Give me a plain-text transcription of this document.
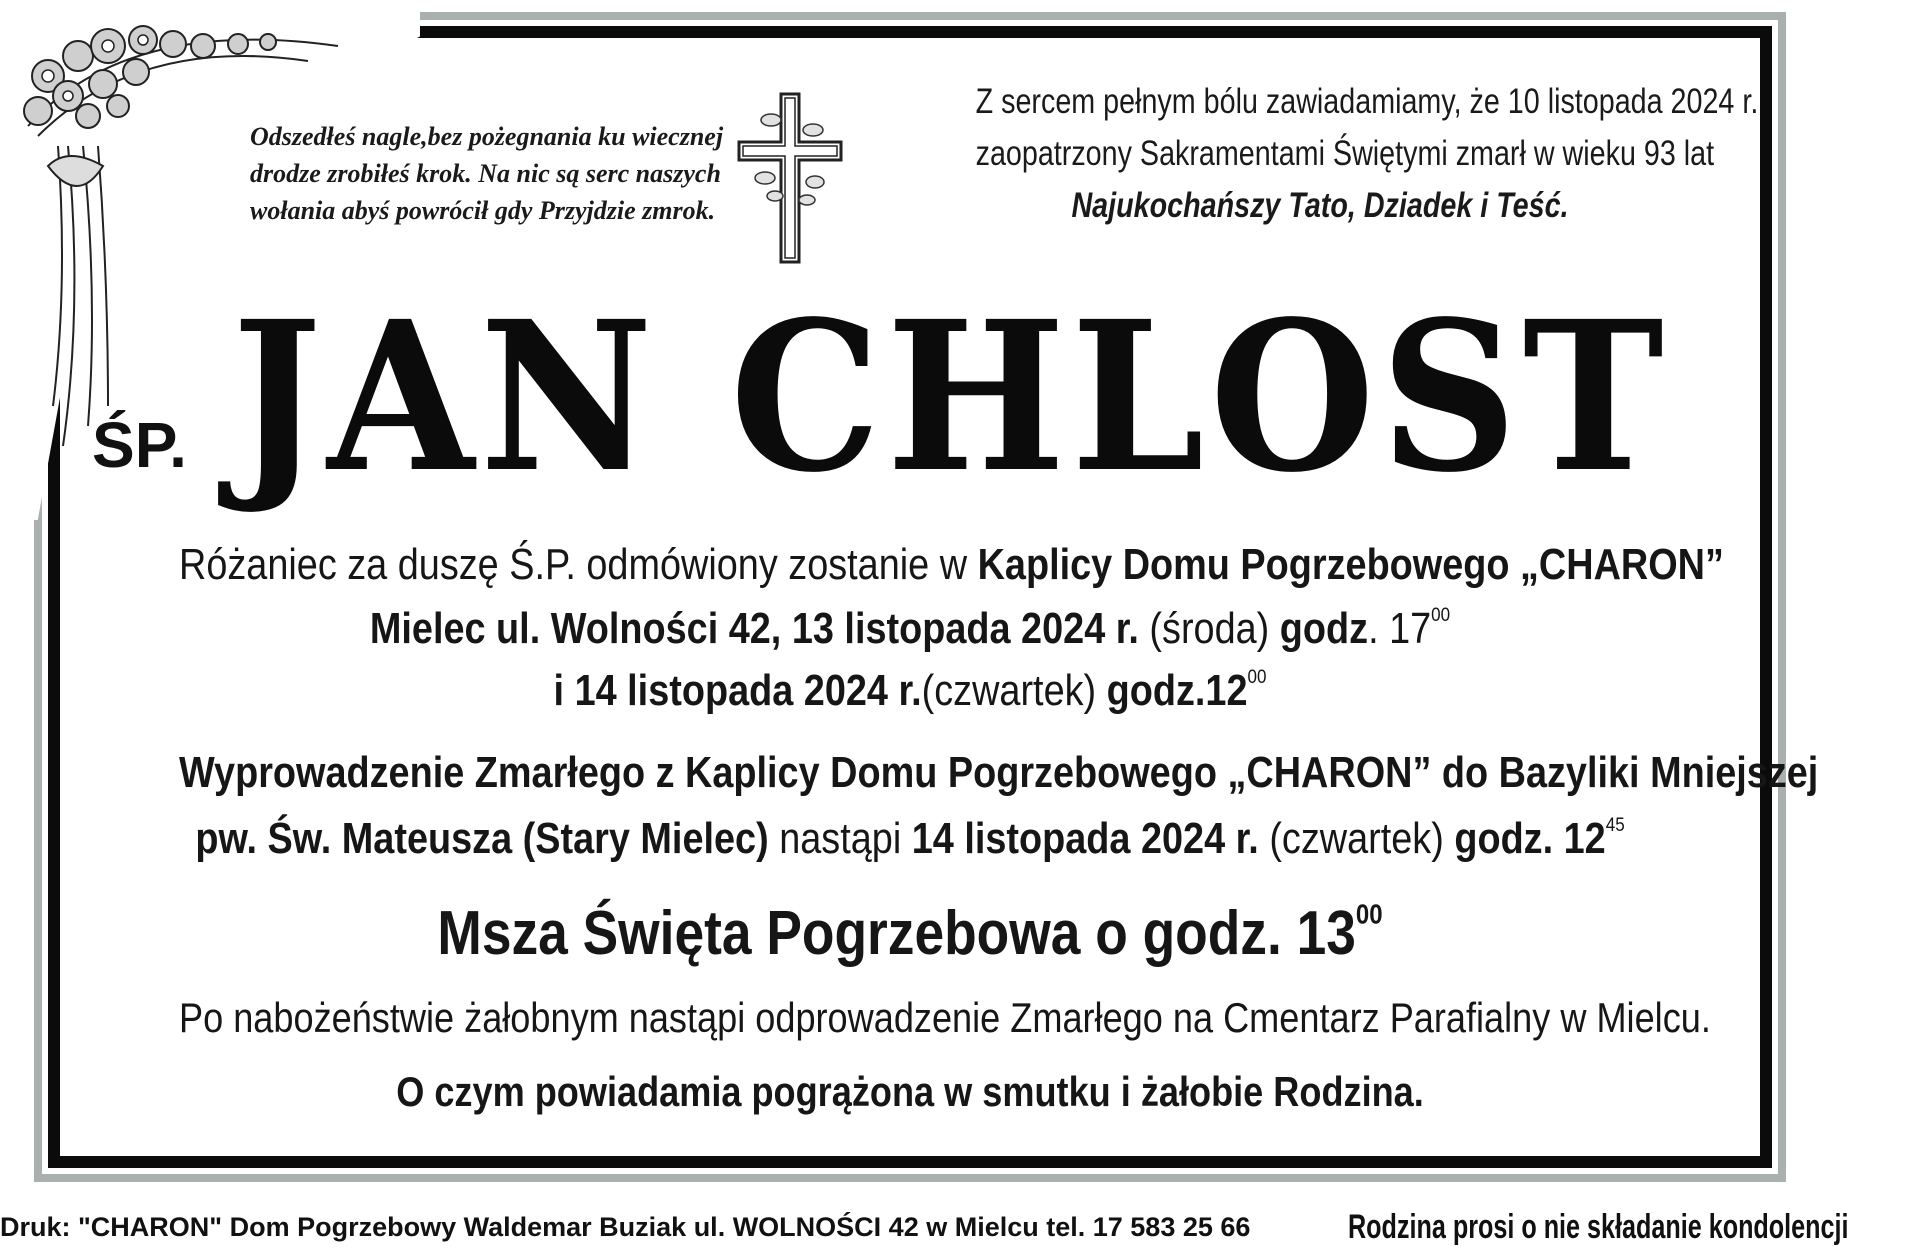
Odszedłeś nagle,bez pożegnania ku wiecznej
drodze zrobiłeś krok. Na nic są serc naszych
wołania abyś powrócił gdy Przyjdzie zmrok.
Z sercem pełnym bólu zawiadamiamy, że 10 listopada 2024 r.
zaopatrzony Sakramentami Świętymi zmarł w wieku 93 lat
Najukochańszy Tato, Dziadek i Teść.
ŚP. JAN CHLOST
Różaniec za duszę Ś.P. odmówiony zostanie w Kaplicy Domu Pogrzebowego „CHARON”
Mielec ul. Wolności 42, 13 listopada 2024 r. (środa) godz. $17^{00}$
i 14 listopada 2024 r.(czwartek) $godz.12^{00}$
Wyprowadzenie Zmarłego z Kaplicy Domu Pogrzebowego „CHARON” do Bazyliki Mniejszej
pw. Św. Mateusza (Stary Mielec) nastąpi 14 listopada 2024 r. (czwartek) godz. $12^{45}$
Msza Święta Pogrzebowa o godz. $13^{00}$
Po nabożeństwie żałobnym nastąpi odprowadzenie Zmarłego na Cmentarz Parafialny w Mielcu.
O czym powiadamia pogrążona w smutku i żałobie Rodzina.
Druk: "CHARON" Dom Pogrzebowy Waldemar Buziak ul. WOLNOŚCI 42 w Mielcu tel. 17 583 25 66	Rodzina prosi o nie składanie kondolencji
